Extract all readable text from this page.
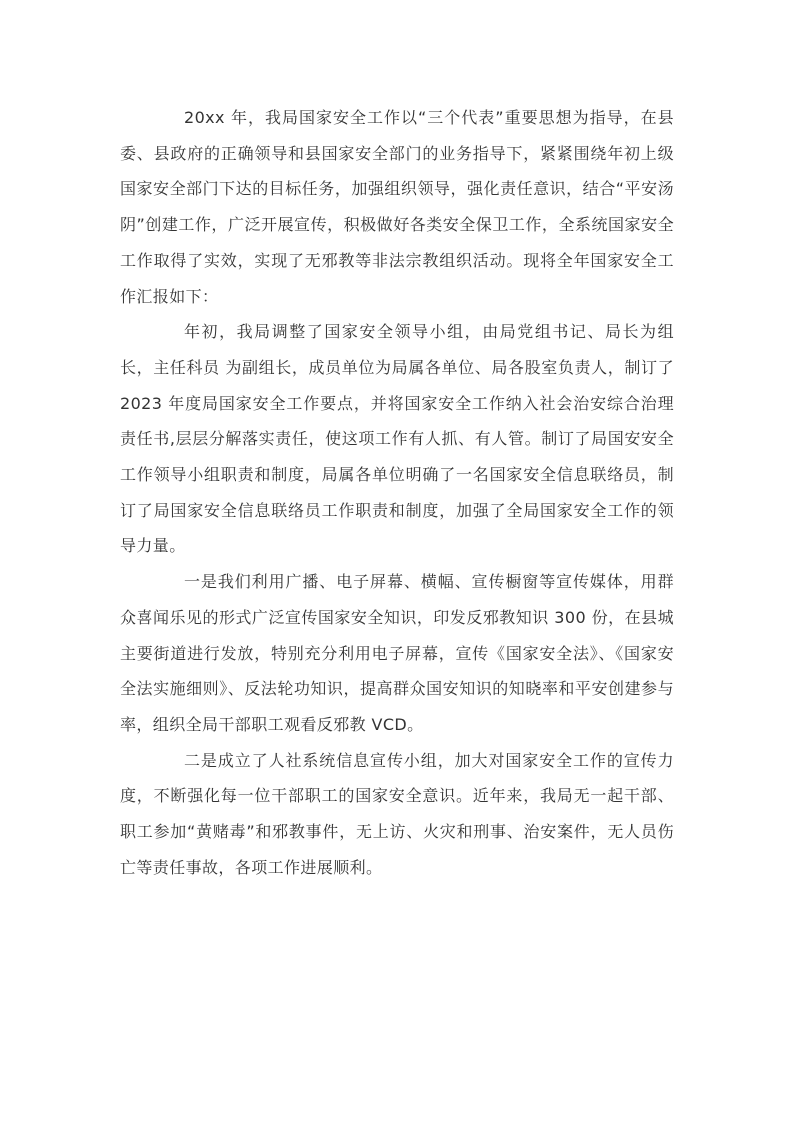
20xx 年，我局国家安全工作以“三个代表”重要思想为指导，在县委、县政府的正确领导和县国家安全部门的业务指导下，紧紧围绕年初上级国家安全部门下达的目标任务，加强组织领导，强化责任意识，结合“平安汤阴”创建工作，广泛开展宣传，积极做好各类安全保卫工作，全系统国家安全工作取得了实效，实现了无邪教等非法宗教组织活动。现将全年国家安全工作汇报如下：

年初，我局调整了国家安全领导小组，由局党组书记、局长为组长，主任科员 为副组长，成员单位为局属各单位、局各股室负责人，制订了 2023 年度局国家安全工作要点，并将国家安全工作纳入社会治安综合治理责任书,层层分解落实责任，使这项工作有人抓、有人管。制订了局国安安全工作领导小组职责和制度，局属各单位明确了一名国家安全信息联络员，制订了局国家安全信息联络员工作职责和制度，加强了全局国家安全工作的领导力量。

一是我们利用广播、电子屏幕、横幅、宣传橱窗等宣传媒体，用群众喜闻乐见的形式广泛宣传国家安全知识，印发反邪教知识 300 份，在县城主要街道进行发放，特别充分利用电子屏幕，宣传《国家安全法》、《国家安全法实施细则》、反法轮功知识，提高群众国安知识的知晓率和平安创建参与率，组织全局干部职工观看反邪教 VCD。

二是成立了人社系统信息宣传小组，加大对国家安全工作的宣传力度，不断强化每一位干部职工的国家安全意识。近年来，我局无一起干部、职工参加“黄赌毒”和邪教事件，无上访、火灾和刑事、治安案件，无人员伤亡等责任事故，各项工作进展顺利。
